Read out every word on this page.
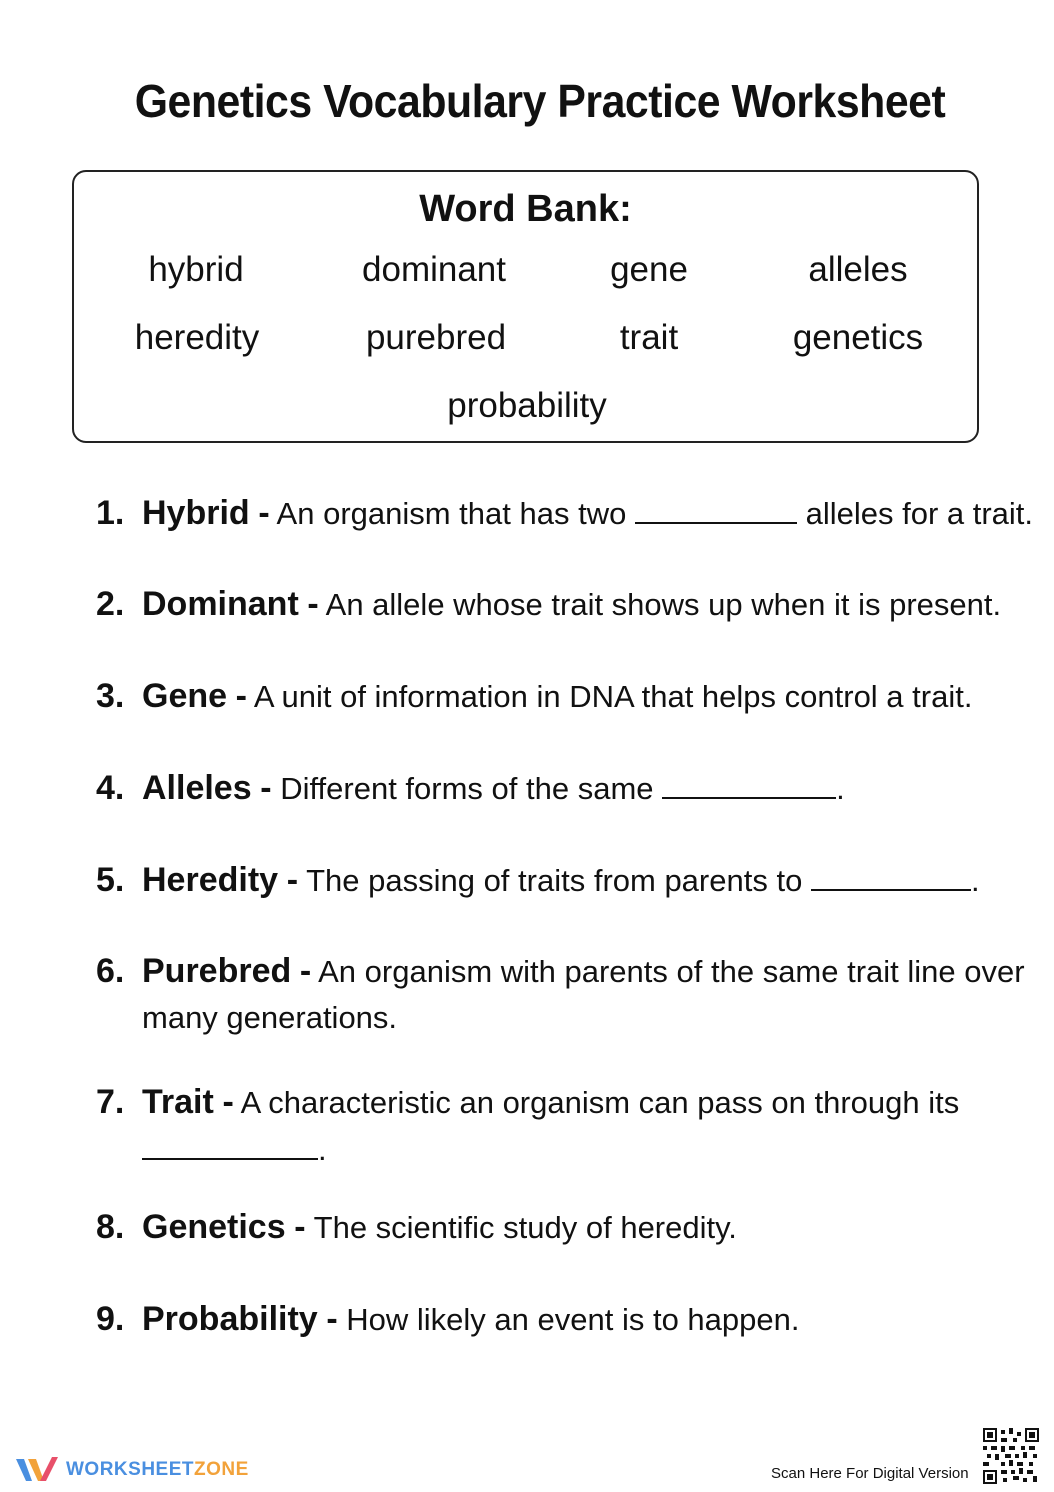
Genetics Vocabulary Practice Worksheet
Word Bank:
hybrid	dominant	gene	alleles
heredity	purebred	trait	genetics
probability
1. Hybrid - An organism that has two	alleles for a trait.
2. Dominant - An allele whose trait shows up when it is present.
3. Gene - A unit of information in DNA that helps control a trait.
4. Alleles - Different forms of the same	.
5. Heredity - The passing of traits from parents to	.
6. Purebred - An organism with parents of the same trait line over
many generations.
7. Trait - A characteristic an organism can pass on through its
.
8. Genetics - The scientific study of heredity.
9. Probability - How likely an event is to happen.
WORKSHEETZONE	Scan Here For Digital Version
